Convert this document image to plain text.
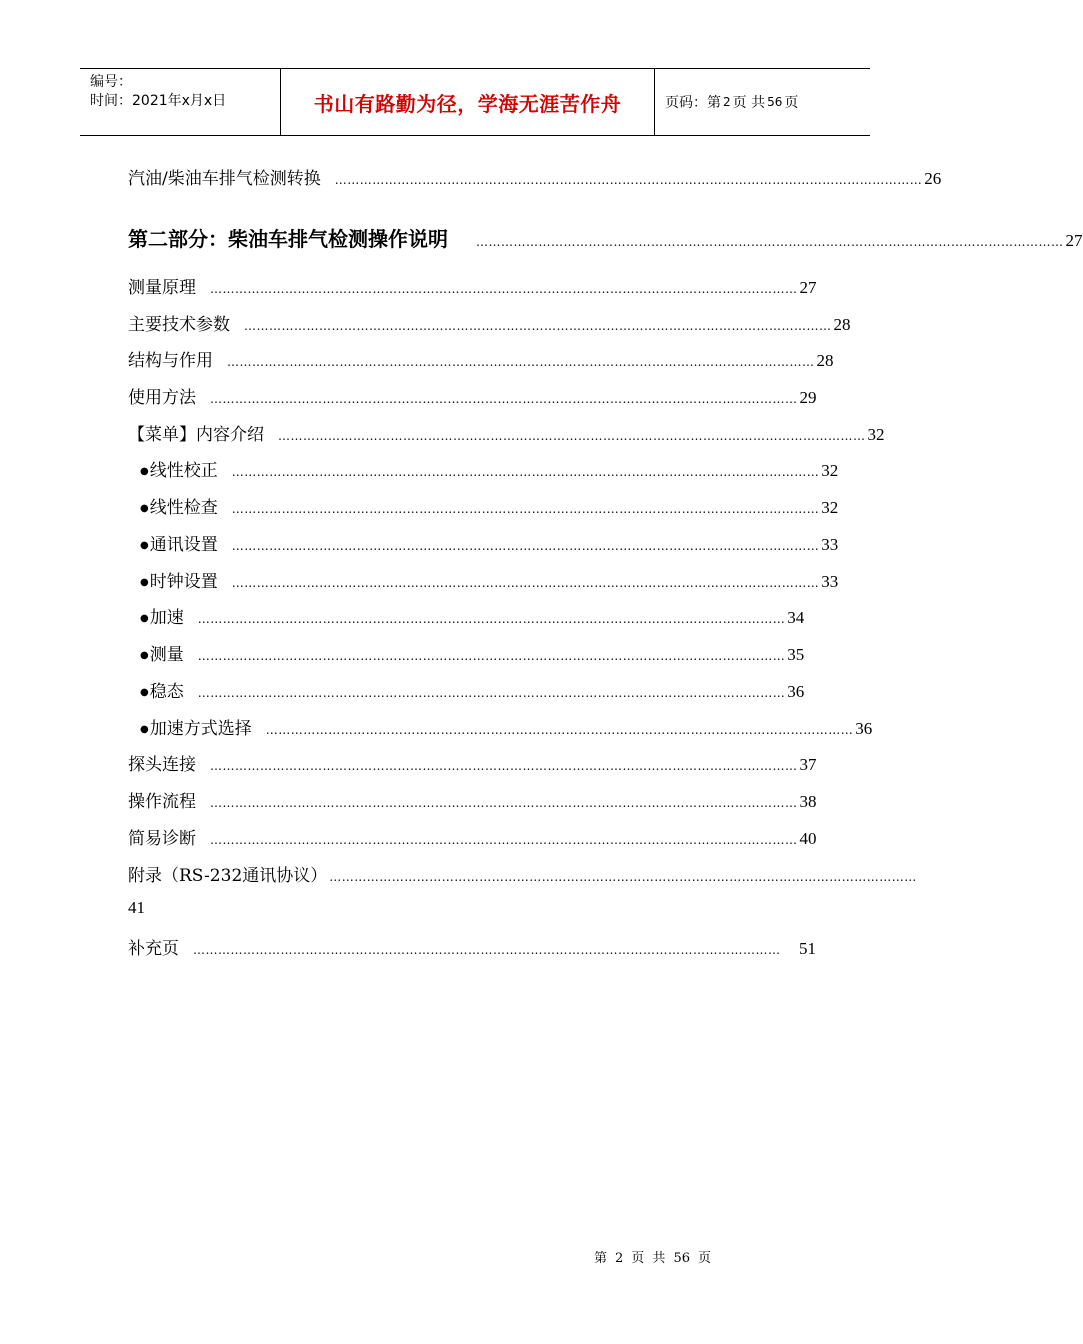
编号：
时间：2021年x月x日	书山有路勤为径，学海无涯苦作舟	页码：第 2 页 共 56 页
汽油/柴油车排气检测转换 …………………………………………………………………………………………………………………………… 26
第二部分：柴油车排气检测操作说明 …………………………………………………………………………………………………………………………… 27
测量原理 …………………………………………………………………………………………………………………………… 27
主要技术参数 …………………………………………………………………………………………………………………………… 28
结构与作用 …………………………………………………………………………………………………………………………… 28
使用方法 …………………………………………………………………………………………………………………………… 29
【菜单】内容介绍 …………………………………………………………………………………………………………………………… 32
● 线性校正 …………………………………………………………………………………………………………………………… 32
● 线性检查 …………………………………………………………………………………………………………………………… 32
● 通讯设置 …………………………………………………………………………………………………………………………… 33
● 时钟设置 …………………………………………………………………………………………………………………………… 33
● 加速 …………………………………………………………………………………………………………………………… 34
● 测量 …………………………………………………………………………………………………………………………… 35
● 稳态 …………………………………………………………………………………………………………………………… 36
● 加速方式选择 …………………………………………………………………………………………………………………………… 36
探头连接 …………………………………………………………………………………………………………………………… 37
操作流程 …………………………………………………………………………………………………………………………… 38
简易诊断 …………………………………………………………………………………………………………………………… 40
附录（RS-232通讯协议） ……………………………………………………………………………………………………………………………
41
补充页 ……………………………………………………………………………………………………………………………	51
第 2 页 共 56 页
